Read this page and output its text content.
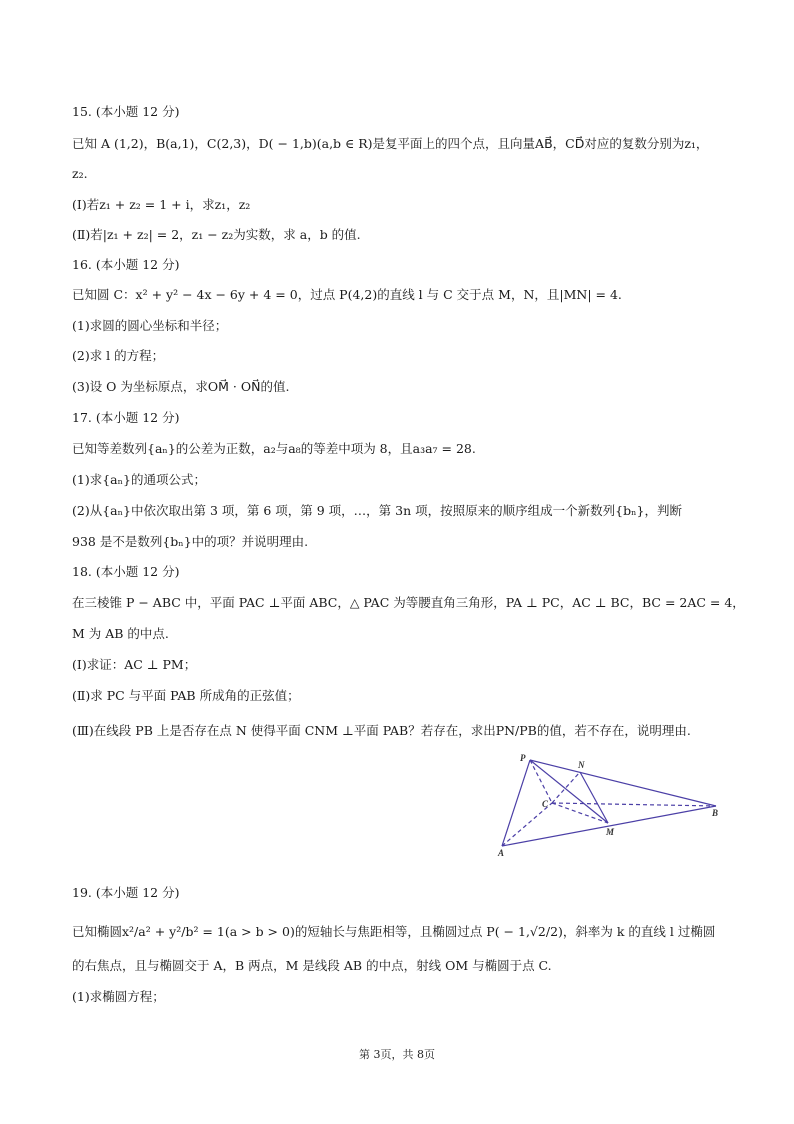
15. (本小题 12 分)
已知 A (1,2)，B(a,1)，C(2,3)，D( − 1,b)(a,b ∈ R)是复平面上的四个点，且向量AB⃗，CD⃗对应的复数分别为z₁，
z₂.
(Ⅰ)若z₁ + z₂ = 1 + i，求z₁，z₂
(Ⅱ)若|z₁ + z₂| = 2，z₁ − z₂为实数，求 a，b 的值.
16. (本小题 12 分)
已知圆 C：x² + y² − 4x − 6y + 4 = 0，过点 P(4,2)的直线 l 与 C 交于点 M，N，且|MN| = 4.
(1)求圆的圆心坐标和半径；
(2)求 l 的方程；
(3)设 O 为坐标原点，求OM⃗ · ON⃗的值.
17. (本小题 12 分)
已知等差数列{aₙ}的公差为正数，a₂与a₈的等差中项为 8，且a₃a₇ = 28.
(1)求{aₙ}的通项公式；
(2)从{aₙ}中依次取出第 3 项，第 6 项，第 9 项，…，第 3n 项，按照原来的顺序组成一个新数列{bₙ}，判断
938 是不是数列{bₙ}中的项？并说明理由.
18. (本小题 12 分)
在三棱锥 P − ABC 中，平面 PAC ⊥平面 ABC，△ PAC 为等腰直角三角形，PA ⊥ PC，AC ⊥ BC，BC = 2AC = 4，
M 为 AB 的中点.
(Ⅰ)求证：AC ⊥ PM；
(Ⅱ)求 PC 与平面 PAB 所成角的正弦值；
(Ⅲ)在线段 PB 上是否存在点 N 使得平面 CNM ⊥平面 PAB？若存在，求出PN/PB的值，若不存在，说明理由.
P
N
C
B
M
A
19. (本小题 12 分)
已知椭圆x²/a² + y²/b² = 1(a > b > 0)的短轴长与焦距相等，且椭圆过点 P( − 1,√2/2)，斜率为 k 的直线 l 过椭圆
的右焦点，且与椭圆交于 A，B 两点，M 是线段 AB 的中点，射线 OM 与椭圆于点 C.
(1)求椭圆方程；
第 3页，共 8页
